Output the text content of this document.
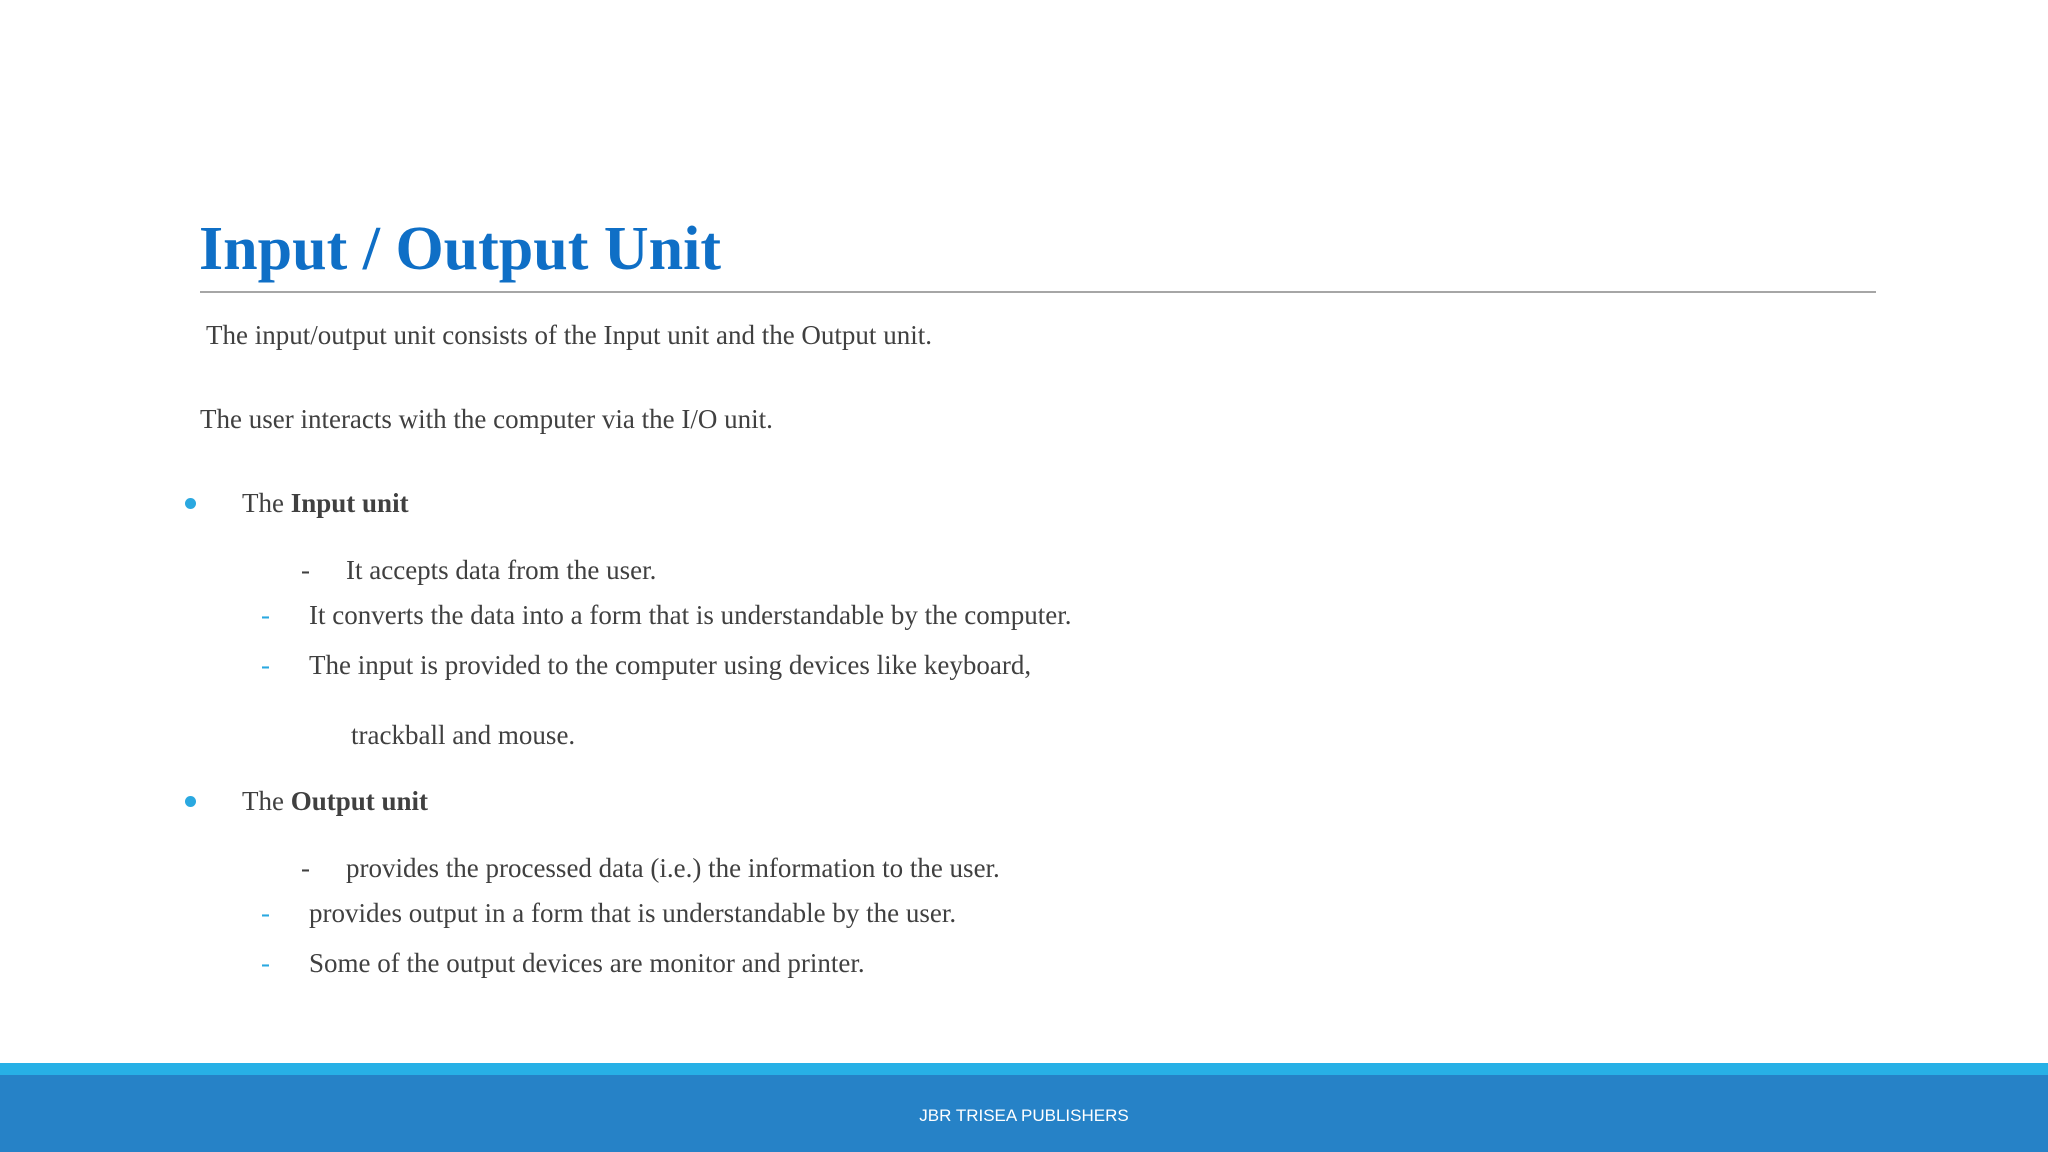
Input / Output Unit
The input/output unit consists of the Input unit and the Output unit.
The user interacts with the computer via the I/O unit.
The Input unit
- It accepts data from the user.
- It converts the data into a form that is understandable by the computer.
- The input is provided to the computer using devices like keyboard,
trackball and mouse.
The Output unit
- provides the processed data (i.e.) the information to the user.
- provides output in a form that is understandable by the user.
- Some of the output devices are monitor and printer.
JBR TRISEA PUBLISHERS
